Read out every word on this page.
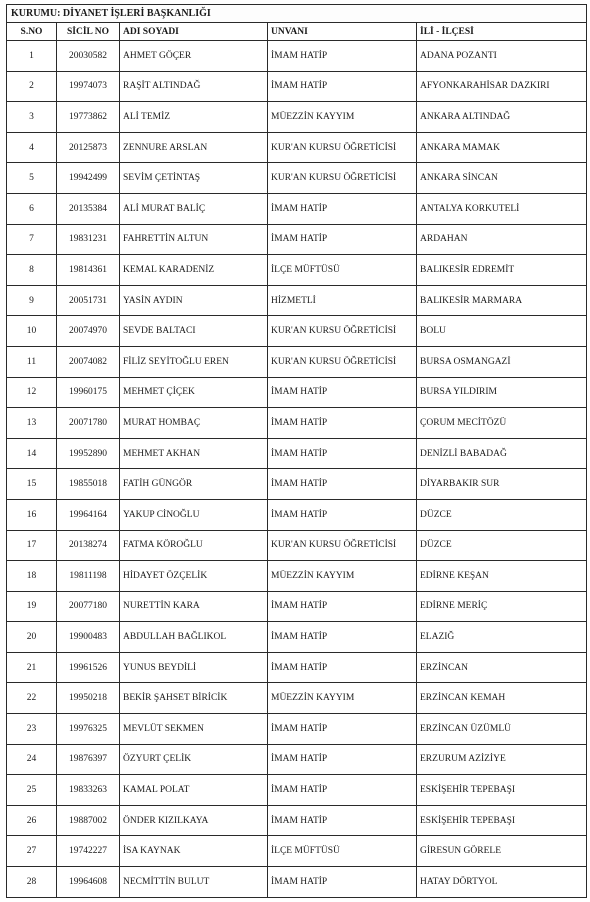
KURUMU: DİYANET İŞLERİ BAŞKANLIĞI				
S.NO	SİCİL NO	ADI SOYADI	UNVANI	İLİ - İLÇESİ
1	20030582	AHMET GÖÇER	İMAM HATİP	ADANA POZANTI
2	19974073	RAŞİT ALTINDAĞ	İMAM HATİP	AFYONKARAHİSAR DAZKIRI
3	19773862	ALİ TEMİZ	MÜEZZİN KAYYIM	ANKARA ALTINDAĞ
4	20125873	ZENNURE ARSLAN	KUR'AN KURSU ÖĞRETİCİSİ	ANKARA MAMAK
5	19942499	SEVİM ÇETİNTAŞ	KUR'AN KURSU ÖĞRETİCİSİ	ANKARA SİNCAN
6	20135384	ALİ MURAT BALİÇ	İMAM HATİP	ANTALYA KORKUTELİ
7	19831231	FAHRETTİN ALTUN	İMAM HATİP	ARDAHAN
8	19814361	KEMAL KARADENİZ	İLÇE MÜFTÜSÜ	BALIKESİR EDREMİT
9	20051731	YASİN AYDIN	HİZMETLİ	BALIKESİR MARMARA
10	20074970	SEVDE BALTACI	KUR'AN KURSU ÖĞRETİCİSİ	BOLU
11	20074082	FİLİZ SEYİTOĞLU EREN	KUR'AN KURSU ÖĞRETİCİSİ	BURSA OSMANGAZİ
12	19960175	MEHMET ÇİÇEK	İMAM HATİP	BURSA YILDIRIM
13	20071780	MURAT HOMBAÇ	İMAM HATİP	ÇORUM MECİTÖZÜ
14	19952890	MEHMET AKHAN	İMAM HATİP	DENİZLİ BABADAĞ
15	19855018	FATİH GÜNGÖR	İMAM HATİP	DİYARBAKIR SUR
16	19964164	YAKUP CİNOĞLU	İMAM HATİP	DÜZCE
17	20138274	FATMA KÖROĞLU	KUR'AN KURSU ÖĞRETİCİSİ	DÜZCE
18	19811198	HİDAYET ÖZÇELİK	MÜEZZİN KAYYIM	EDİRNE KEŞAN
19	20077180	NURETTİN KARA	İMAM HATİP	EDİRNE MERİÇ
20	19900483	ABDULLAH BAĞLIKOL	İMAM HATİP	ELAZIĞ
21	19961526	YUNUS BEYDİLİ	İMAM HATİP	ERZİNCAN
22	19950218	BEKİR ŞAHSET BİRİCİK	MÜEZZİN KAYYIM	ERZİNCAN KEMAH
23	19976325	MEVLÜT SEKMEN	İMAM HATİP	ERZİNCAN ÜZÜMLÜ
24	19876397	ÖZYURT ÇELİK	İMAM HATİP	ERZURUM AZİZİYE
25	19833263	KAMAL POLAT	İMAM HATİP	ESKİŞEHİR TEPEBAŞI
26	19887002	ÖNDER KIZILKAYA	İMAM HATİP	ESKİŞEHİR TEPEBAŞI
27	19742227	İSA KAYNAK	İLÇE MÜFTÜSÜ	GİRESUN GÖRELE
28	19964608	NECMİTTİN BULUT	İMAM HATİP	HATAY DÖRTYOL
